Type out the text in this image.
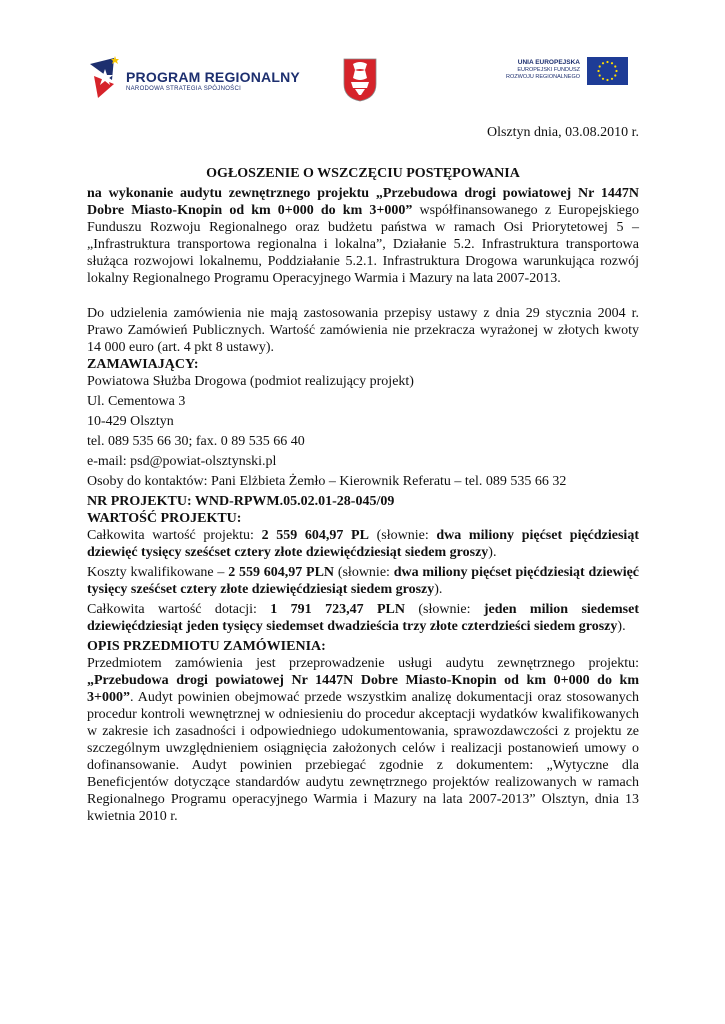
PROGRAM REGIONALNY
NARODOWA STRATEGIA SPÓJNOŚCI
UNIA EUROPEJSKA
EUROPEJSKI FUNDUSZ
ROZWOJU REGIONALNEGO

Olsztyn dnia, 03.08.2010 r.

OGŁOSZENIE O WSZCZĘCIU POSTĘPOWANIA

na wykonanie audytu zewnętrznego projektu „Przebudowa drogi powiatowej Nr 1447N Dobre Miasto-Knopin od km 0+000 do km 3+000” współfinansowanego z Europejskiego Funduszu Rozwoju Regionalnego oraz budżetu państwa w ramach Osi Priorytetowej 5 – „Infrastruktura transportowa regionalna i lokalna”, Działanie 5.2. Infrastruktura transportowa służąca rozwojowi lokalnemu, Poddziałanie 5.2.1. Infrastruktura Drogowa warunkująca rozwój lokalny Regionalnego Programu Operacyjnego Warmia i Mazury na lata 2007-2013.

Do udzielenia zamówienia nie mają zastosowania przepisy ustawy z dnia 29 stycznia 2004 r. Prawo Zamówień Publicznych. Wartość zamówienia nie przekracza wyrażonej w złotych kwoty 14 000 euro (art. 4 pkt 8 ustawy).

ZAMAWIAJĄCY:

Powiatowa Służba Drogowa (podmiot realizujący projekt)

Ul. Cementowa 3

10-429 Olsztyn

tel. 089 535 66 30; fax. 0 89 535 66 40

e-mail: psd@powiat-olsztynski.pl

Osoby do kontaktów: Pani Elżbieta Żemło – Kierownik Referatu – tel. 089 535 66 32

NR PROJEKTU: WND-RPWM.05.02.01-28-045/09
WARTOŚĆ PROJEKTU:

Całkowita wartość projektu: 2 559 604,97 PL (słownie: dwa miliony pięćset pięćdziesiąt dziewięć tysięcy sześćset cztery złote dziewięćdziesiąt siedem groszy).

Koszty kwalifikowane – 2 559 604,97 PLN (słownie: dwa miliony pięćset pięćdziesiąt dziewięć tysięcy sześćset cztery złote dziewięćdziesiąt siedem groszy).

Całkowita wartość dotacji: 1 791 723,47 PLN (słownie: jeden milion siedemset dziewięćdziesiąt jeden tysięcy siedemset dwadzieścia trzy złote czterdzieści siedem groszy).

OPIS PRZEDMIOTU ZAMÓWIENIA:

Przedmiotem zamówienia jest przeprowadzenie usługi audytu zewnętrznego projektu: „Przebudowa drogi powiatowej Nr 1447N Dobre Miasto-Knopin od km 0+000 do km 3+000”. Audyt powinien obejmować przede wszystkim analizę dokumentacji oraz stosowanych procedur kontroli wewnętrznej w odniesieniu do procedur akceptacji wydatków kwalifikowanych w zakresie ich zasadności i odpowiedniego udokumentowania, sprawozdawczości z projektu ze szczególnym uwzględnieniem osiągnięcia założonych celów i realizacji postanowień umowy o dofinansowanie. Audyt powinien przebiegać zgodnie z dokumentem: „Wytyczne dla Beneficjentów dotyczące standardów audytu zewnętrznego projektów realizowanych w ramach Regionalnego Programu operacyjnego Warmia i Mazury na lata 2007-2013” Olsztyn, dnia 13 kwietnia 2010 r.
